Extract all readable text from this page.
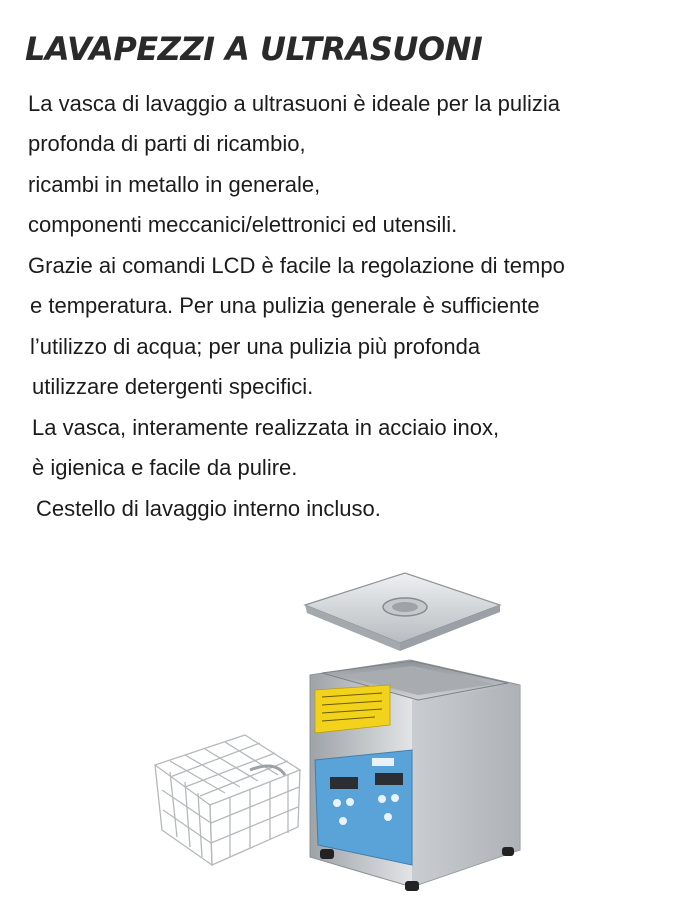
LAVAPEZZI A ULTRASUONI
La vasca di lavaggio a ultrasuoni è ideale per la pulizia
profonda di parti di ricambio,
ricambi in metallo in generale,
componenti meccanici/elettronici ed utensili.
Grazie ai comandi LCD è facile la regolazione di tempo
e temperatura. Per una pulizia generale è sufficiente
l’utilizzo di acqua; per una pulizia più profonda
utilizzare detergenti specifici.
La vasca, interamente realizzata in acciaio inox,
è igienica e facile da pulire.
Cestello di lavaggio interno incluso.
